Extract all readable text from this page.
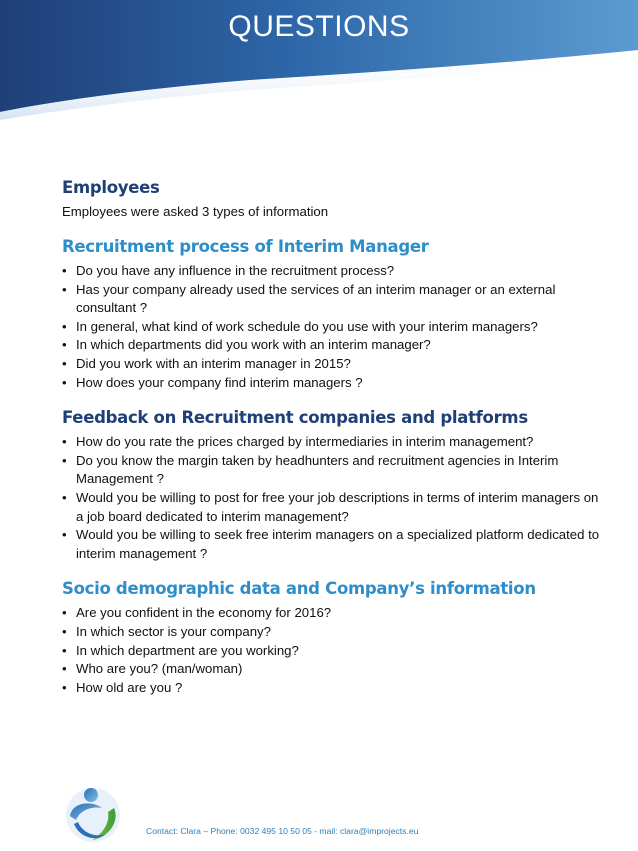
QUESTIONS
Employees

Employees were asked 3 types of information

Recruitment process of Interim Manager
• Do you have any influence in the recruitment process?
• Has your company already used the services of an interim manager or an external consultant ?
• In general, what kind of work schedule do you use with your interim managers?
• In which departments did you work with an interim manager?
• Did you work with an interim manager in 2015?
• How does your company find interim managers ?
Feedback on Recruitment companies and platforms
• How do you rate the prices charged by intermediaries in interim management?
• Do you know the margin taken by headhunters and recruitment agencies in Interim Management ?
• Would you be willing to post for free your job descriptions in terms of interim managers on a job board dedicated to interim management?
• Would you be willing to seek free interim managers on a specialized platform dedicated to interim management ?
Socio demographic data and Company’s information
• Are you confident in the economy for 2016?
• In which sector is your company?
• In which department are you working?
• Who are you? (man/woman)
• How old are you ?
Contact: Clara – Phone: 0032 495 10 50 05 - mail: clara@improjects.eu
